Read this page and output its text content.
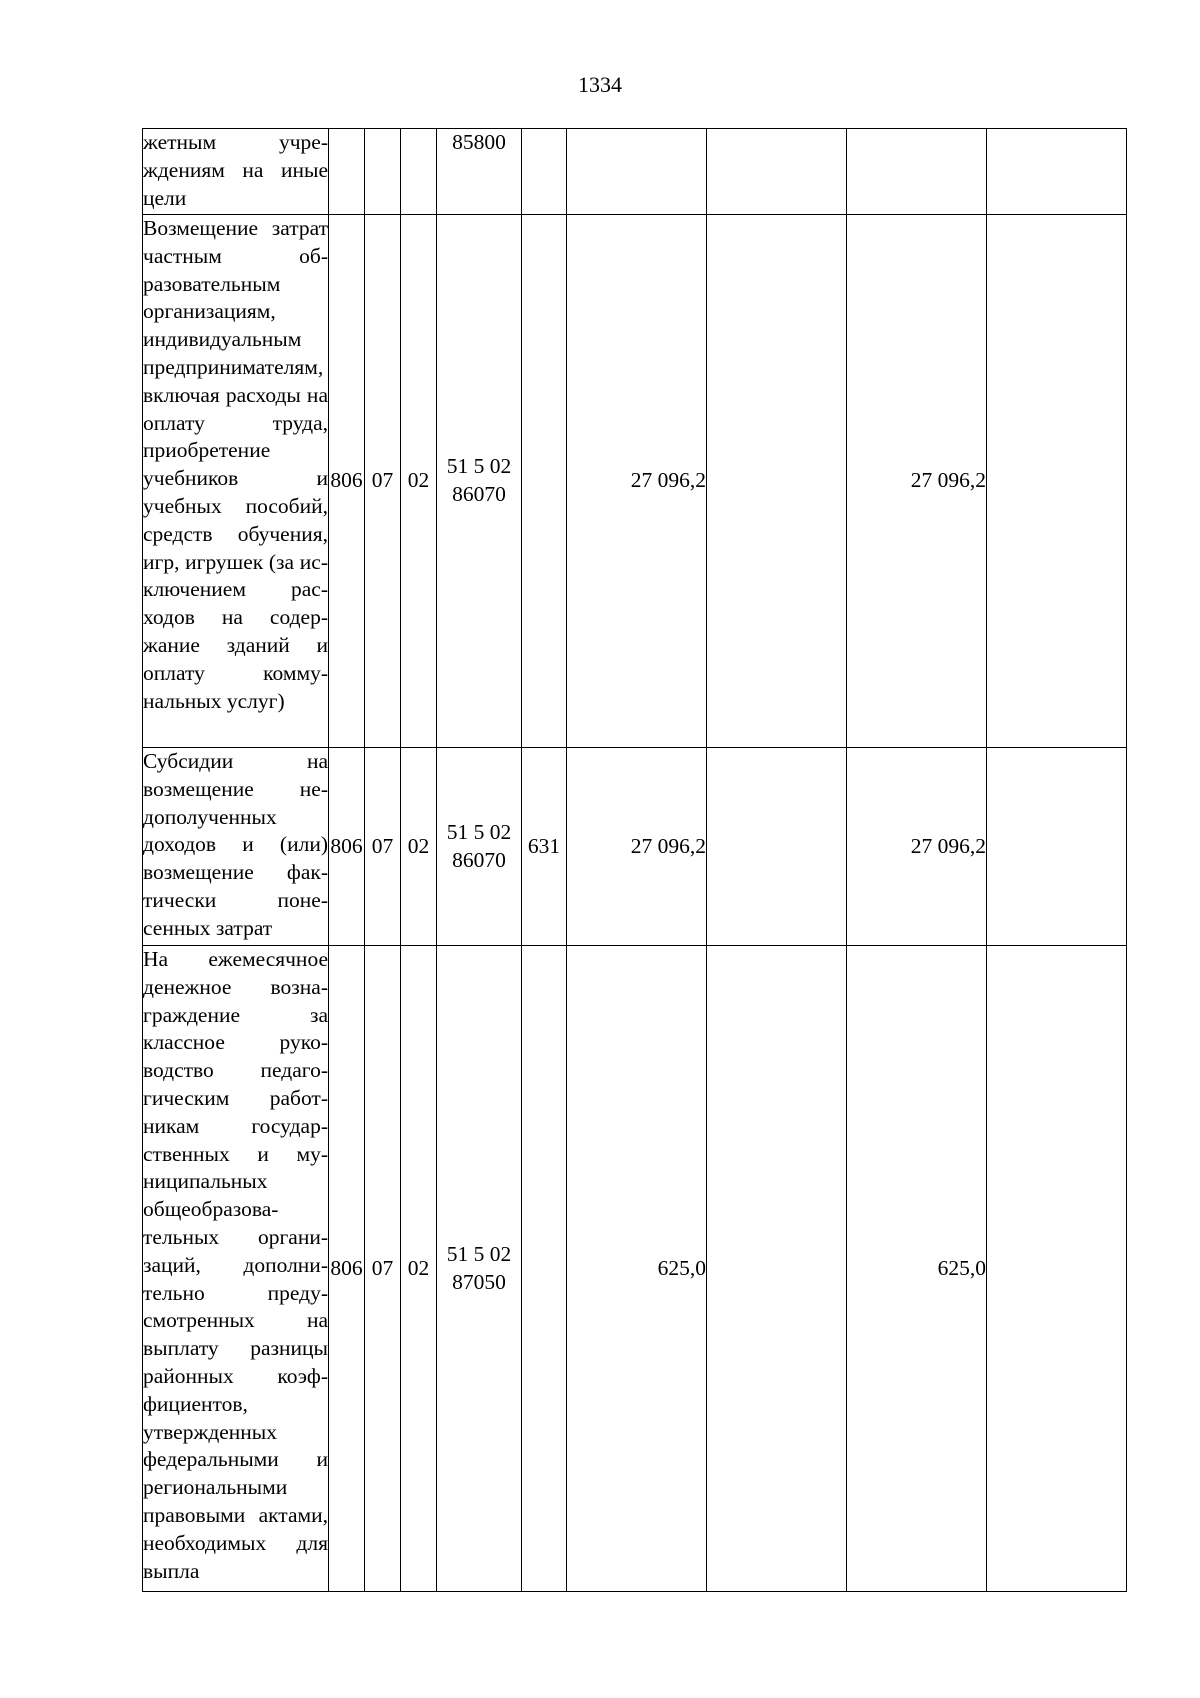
1334
жетным учреждениям на иные цели				85800					
Возмещение затрат частным образовательным организациям, индивидуальным предпринимателям, включая расходы на оплату труда, приобретение учебников и учебных пособий, средств обучения, игр, игрушек (за исключением расходов на содержание зданий и оплату коммунальных услуг)	806	07	02	51 5 02 86070		27 096,2		27 096,2	
Субсидии на возмещение недополученных доходов и (или) возмещение фактически понесенных затрат	806	07	02	51 5 02 86070	631	27 096,2		27 096,2	
На ежемесячное денежное вознаграждение за классное руководство педагогическим работникам государственных и муниципальных общеобразовательных организаций, дополнительно предусмотренных на выплату разницы районных коэффициентов, утвержденных федеральными и региональными правовыми актами, необходимых для выпла	806	07	02	51 5 02 87050		625,0		625,0	
